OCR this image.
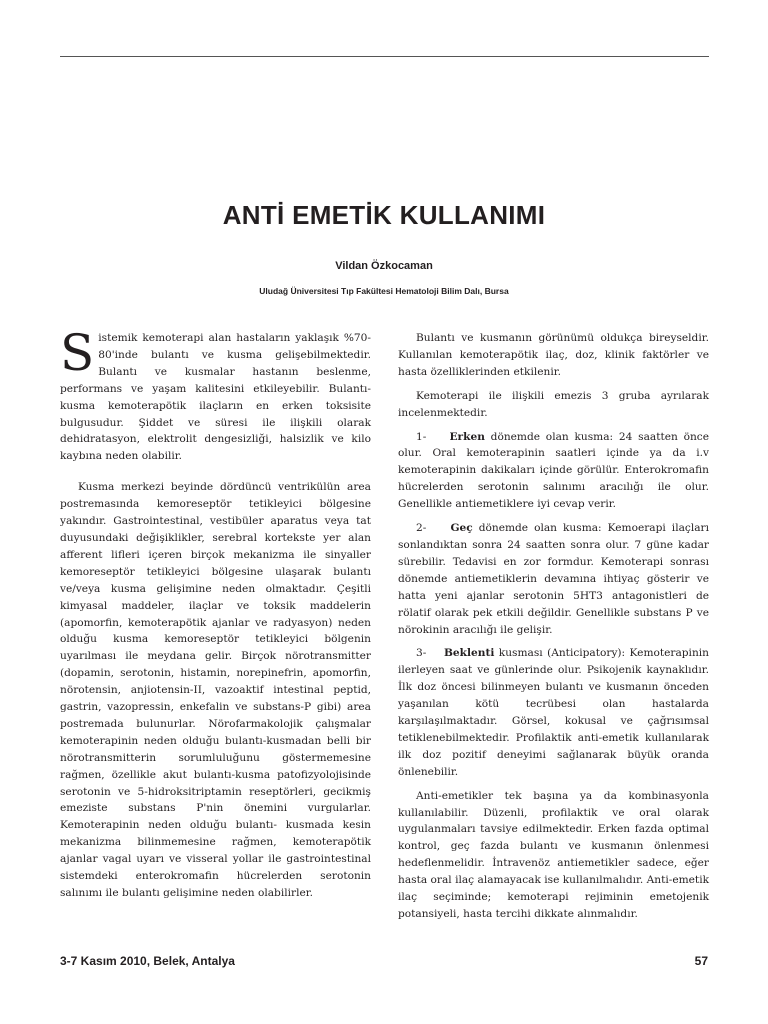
ANTİ EMETİK KULLANIMI
Vildan Özkocaman
Uludağ Üniversitesi Tıp Fakültesi Hematoloji Bilim Dalı, Bursa

Sistemik kemoterapi alan hastaların yaklaşık %70-80'inde bulantı ve kusma gelişebilmektedir. Bulantı ve kusmalar hastanın beslenme, performans ve yaşam kalitesini etkileyebilir. Bulantı-kusma kemoterapötik ilaçların en erken toksisite bulgusudur. Şiddet ve süresi ile ilişkili olarak dehidratasyon, elektrolit dengesizliği, halsizlik ve kilo kaybına neden olabilir.

Kusma merkezi beyinde dördüncü ventrikülün area postremasında kemoreseptör tetikleyici bölgesine yakındır. Gastrointestinal, vestibüler aparatus veya tat duyusundaki değişiklikler, serebral kortekste yer alan afferent lifleri içeren birçok mekanizma ile sinyaller kemoreseptör tetikleyici bölgesine ulaşarak bulantı ve/veya kusma gelişimine neden olmaktadır. Çeşitli kimyasal maddeler, ilaçlar ve toksik maddelerin (apomorfin, kemoterapötik ajanlar ve radyasyon) neden olduğu kusma kemoreseptör tetikleyici bölgenin uyarılması ile meydana gelir. Birçok nörotransmitter (dopamin, serotonin, histamin, norepinefrin, apomorfin, nörotensin, anjiotensin-II, vazoaktif intestinal peptid, gastrin, vazopressin, enkefalin ve substans-P gibi) area postremada bulunurlar. Nörofarmakolojik çalışmalar kemoterapinin neden olduğu bulantı-kusmadan belli bir nörotransmitterin sorumluluğunu göstermemesine rağmen, özellikle akut bulantı-kusma patofizyolojisinde serotonin ve 5-hidroksitriptamin reseptörleri, gecikmiş emeziste substans P'nin önemini vurgularlar. Kemoterapinin neden olduğu bulantı- kusmada kesin mekanizma bilinmemesine rağmen, kemoterapötik ajanlar vagal uyarı ve visseral yollar ile gastrointestinal sistemdeki enterokromafin hücrelerden serotonin salınımı ile bulantı gelişimine neden olabilirler.

Bulantı ve kusmanın görünümü oldukça bireyseldir. Kullanılan kemoterapötik ilaç, doz, klinik faktörler ve hasta özelliklerinden etkilenir.

Kemoterapi ile ilişkili emezis 3 gruba ayrılarak incelenmektedir.

1- Erken dönemde olan kusma: 24 saatten önce olur. Oral kemoterapinin saatleri içinde ya da i.v kemoterapinin dakikaları içinde görülür. Enterokromafin hücrelerden serotonin salınımı aracılığı ile olur. Genellikle antiemetiklere iyi cevap verir.

2- Geç dönemde olan kusma: Kemoerapi ilaçları sonlandıktan sonra 24 saatten sonra olur. 7 güne kadar sürebilir. Tedavisi en zor formdur. Kemoterapi sonrası dönemde antiemetiklerin devamına ihtiyaç gösterir ve hatta yeni ajanlar serotonin 5HT3 antagonistleri de rölatif olarak pek etkili değildir. Genellikle substans P ve nörokinin aracılığı ile gelişir.

3- Beklenti kusması (Anticipatory): Kemoterapinin ilerleyen saat ve günlerinde olur. Psikojenik kaynaklıdır. İlk doz öncesi bilinmeyen bulantı ve kusmanın önceden yaşanılan kötü tecrübesi olan hastalarda karşılaşılmaktadır. Görsel, kokusal ve çağrısımsal tetiklenebilmektedir. Profilaktik anti-emetik kullanılarak ilk doz pozitif deneyimi sağlanarak büyük oranda önlenebilir.

Anti-emetikler tek başına ya da kombinasyonla kullanılabilir. Düzenli, profilaktik ve oral olarak uygulanmaları tavsiye edilmektedir. Erken fazda optimal kontrol, geç fazda bulantı ve kusmanın önlenmesi hedeflenmelidir. İntravenöz antiemetikler sadece, eğer hasta oral ilaç alamayacak ise kullanılmalıdır. Anti-emetik ilaç seçiminde; kemoterapi rejiminin emetojenik potansiyeli, hasta tercihi dikkate alınmalıdır.

3-7 Kasım 2010, Belek, Antalya	57
